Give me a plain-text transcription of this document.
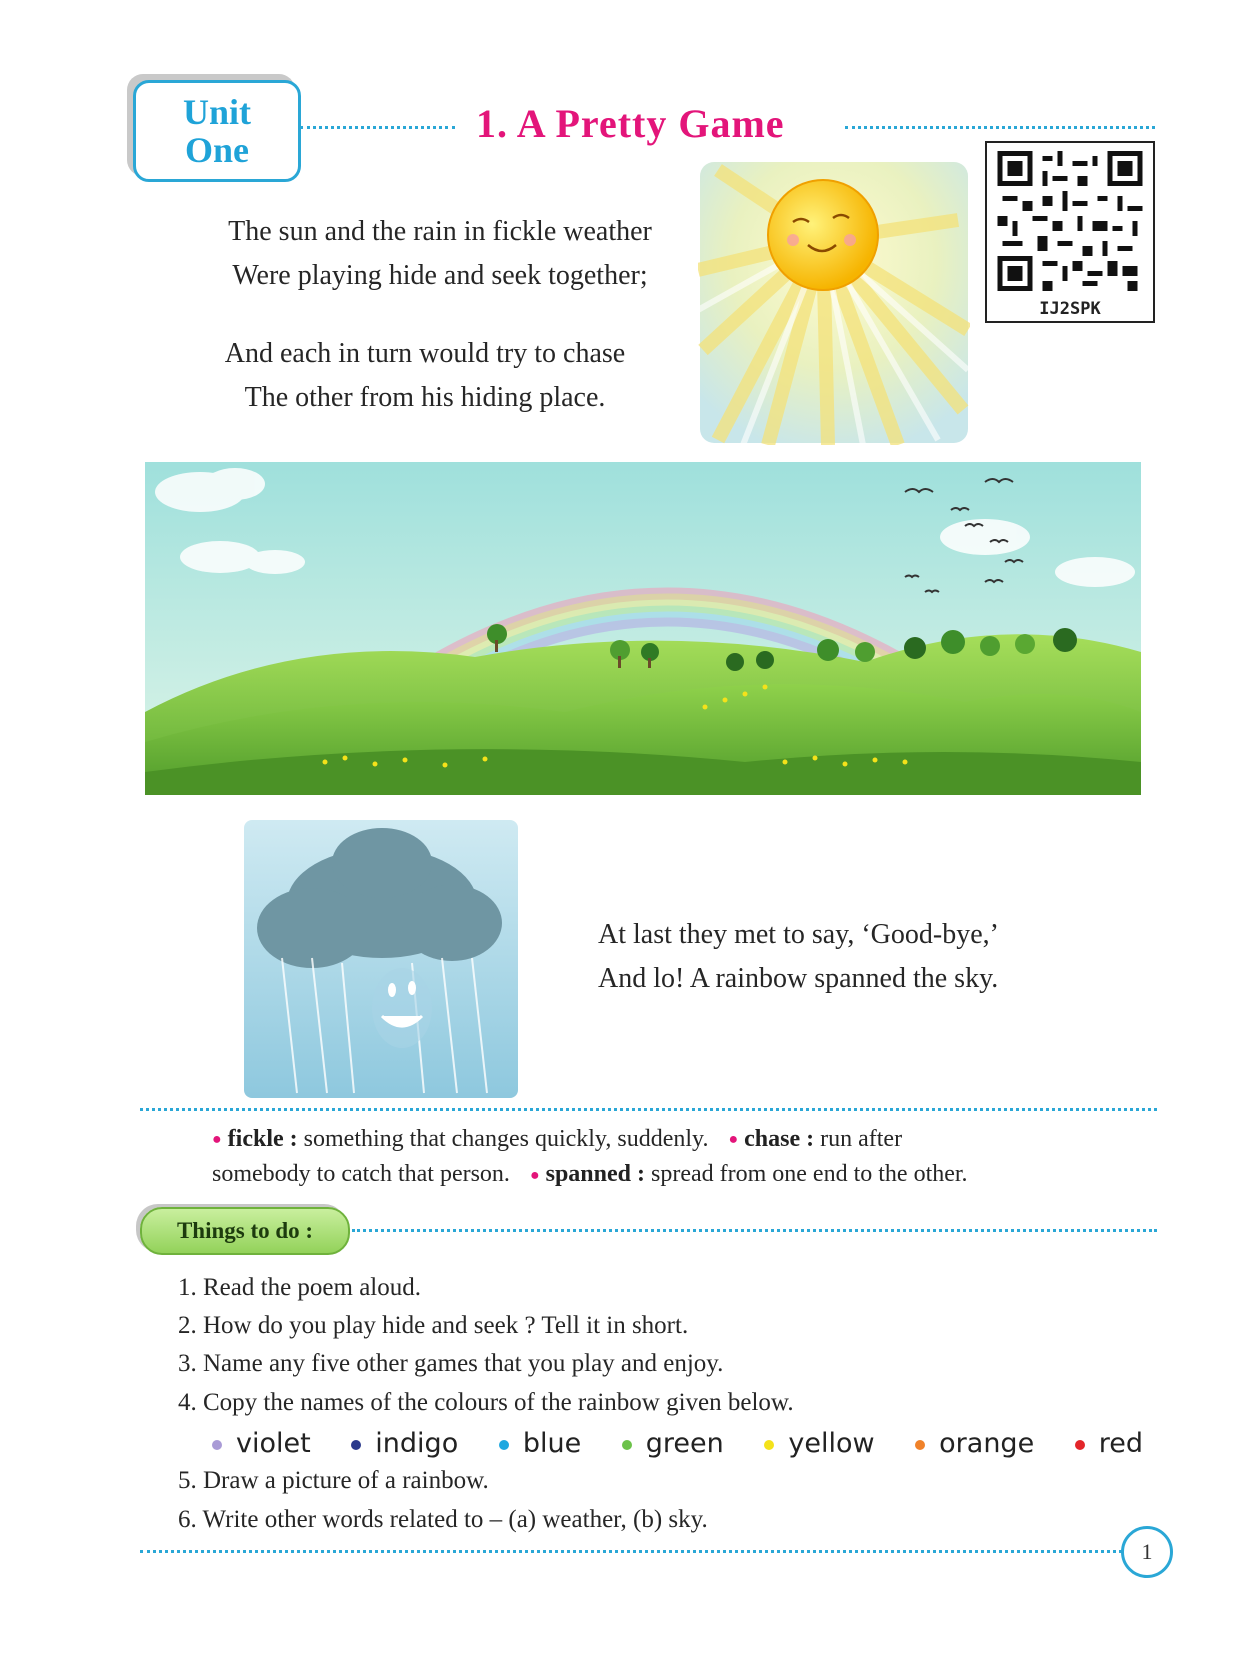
Unit
One
1. A Pretty Game
IJ2SPK
The sun and the rain in fickle weather
Were playing hide and seek together;
And each in turn would try to chase
The other from his hiding place.
At last they met to say, ‘Good-bye,’
And lo! A rainbow spanned the sky.
● fickle : something that changes quickly, suddenly. ● chase : run after
somebody to catch that person. ● spanned : spread from one end to the other.
Things to do :
1. Read the poem aloud.
2. How do you play hide and seek ? Tell it in short.
3. Name any five other games that you play and enjoy.
4. Copy the names of the colours of the rainbow given below.
5. Draw a picture of a rainbow.
6. Write other words related to – (a) weather, (b) sky.
violet indigo blue green yellow orange red
1
